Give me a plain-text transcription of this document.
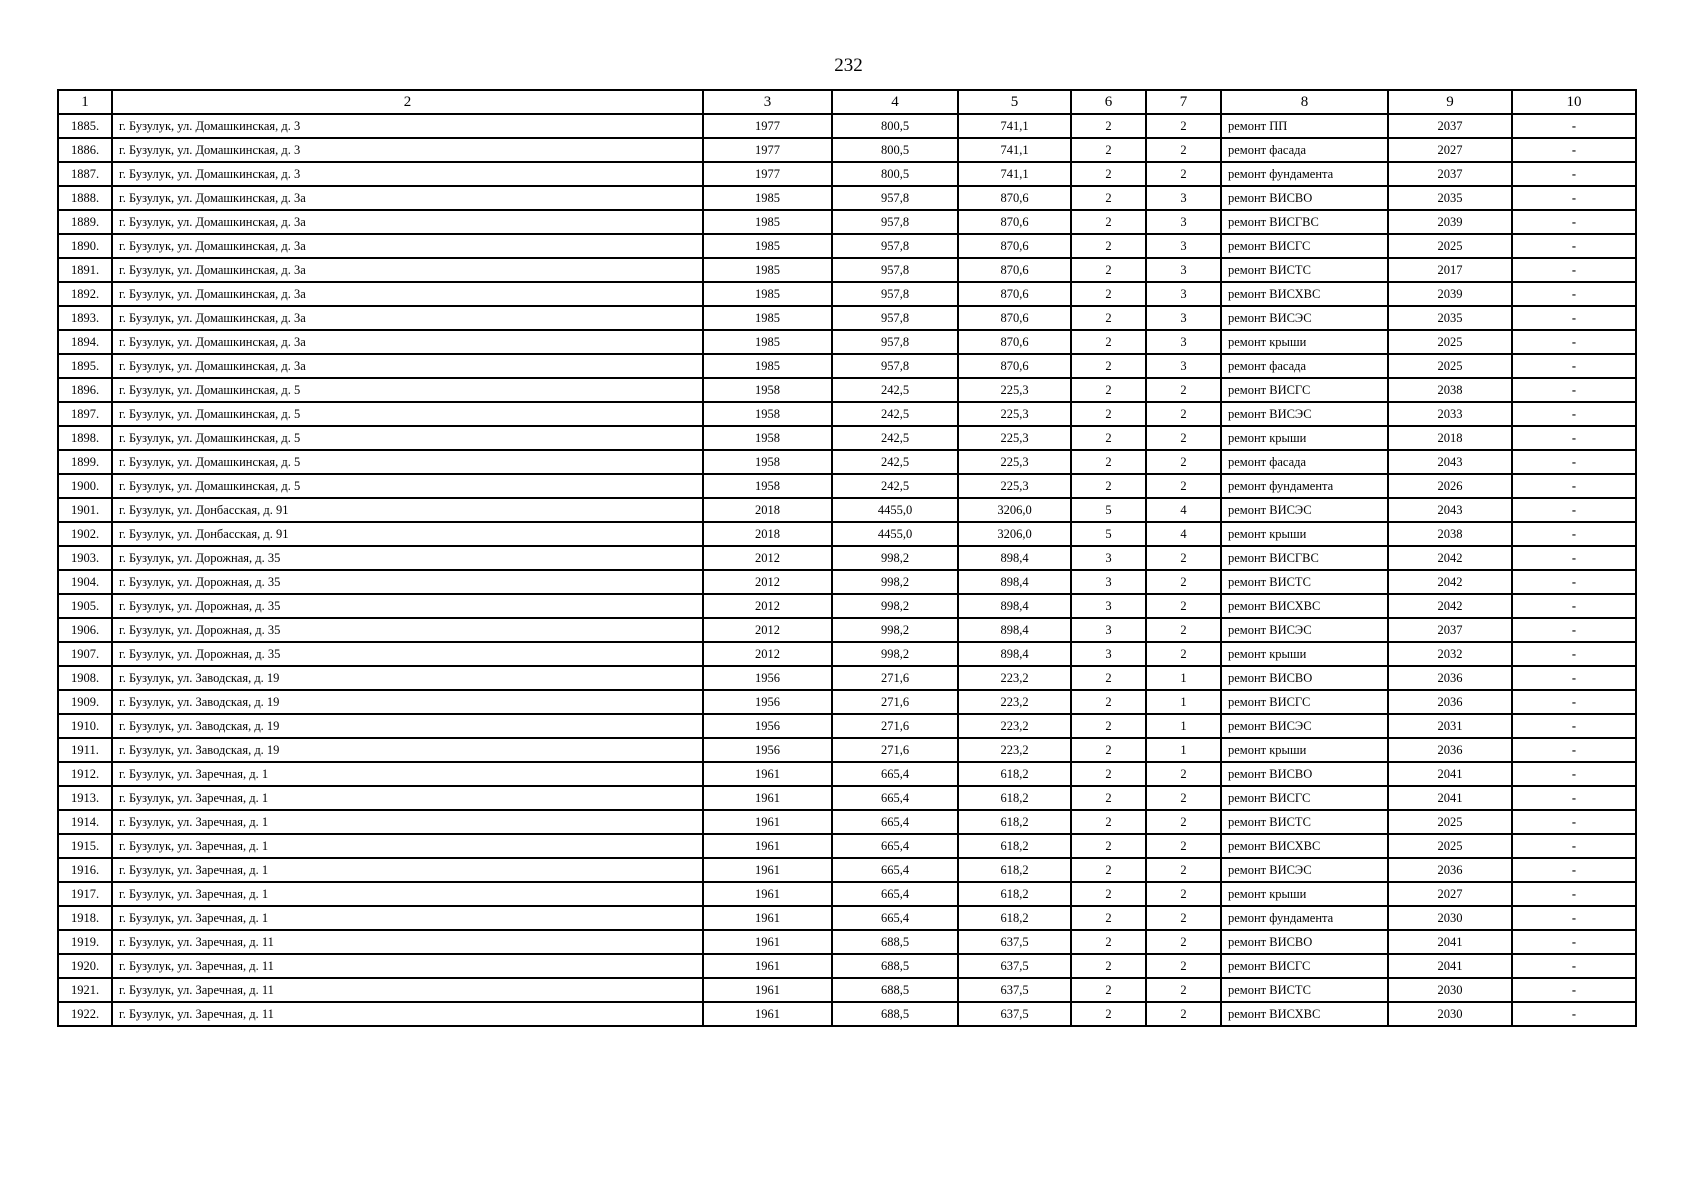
232
1	2	3	4	5	6	7	8	9	10
1885.	г. Бузулук, ул. Домашкинская, д. 3	1977	800,5	741,1	2	2	ремонт ПП	2037	-
1886.	г. Бузулук, ул. Домашкинская, д. 3	1977	800,5	741,1	2	2	ремонт фасада	2027	-
1887.	г. Бузулук, ул. Домашкинская, д. 3	1977	800,5	741,1	2	2	ремонт фундамента	2037	-
1888.	г. Бузулук, ул. Домашкинская, д. 3а	1985	957,8	870,6	2	3	ремонт ВИСВО	2035	-
1889.	г. Бузулук, ул. Домашкинская, д. 3а	1985	957,8	870,6	2	3	ремонт ВИСГВС	2039	-
1890.	г. Бузулук, ул. Домашкинская, д. 3а	1985	957,8	870,6	2	3	ремонт ВИСГС	2025	-
1891.	г. Бузулук, ул. Домашкинская, д. 3а	1985	957,8	870,6	2	3	ремонт ВИСТС	2017	-
1892.	г. Бузулук, ул. Домашкинская, д. 3а	1985	957,8	870,6	2	3	ремонт ВИСХВС	2039	-
1893.	г. Бузулук, ул. Домашкинская, д. 3а	1985	957,8	870,6	2	3	ремонт ВИСЭС	2035	-
1894.	г. Бузулук, ул. Домашкинская, д. 3а	1985	957,8	870,6	2	3	ремонт крыши	2025	-
1895.	г. Бузулук, ул. Домашкинская, д. 3а	1985	957,8	870,6	2	3	ремонт фасада	2025	-
1896.	г. Бузулук, ул. Домашкинская, д. 5	1958	242,5	225,3	2	2	ремонт ВИСГС	2038	-
1897.	г. Бузулук, ул. Домашкинская, д. 5	1958	242,5	225,3	2	2	ремонт ВИСЭС	2033	-
1898.	г. Бузулук, ул. Домашкинская, д. 5	1958	242,5	225,3	2	2	ремонт крыши	2018	-
1899.	г. Бузулук, ул. Домашкинская, д. 5	1958	242,5	225,3	2	2	ремонт фасада	2043	-
1900.	г. Бузулук, ул. Домашкинская, д. 5	1958	242,5	225,3	2	2	ремонт фундамента	2026	-
1901.	г. Бузулук, ул. Донбасская, д. 91	2018	4455,0	3206,0	5	4	ремонт ВИСЭС	2043	-
1902.	г. Бузулук, ул. Донбасская, д. 91	2018	4455,0	3206,0	5	4	ремонт крыши	2038	-
1903.	г. Бузулук, ул. Дорожная, д. 35	2012	998,2	898,4	3	2	ремонт ВИСГВС	2042	-
1904.	г. Бузулук, ул. Дорожная, д. 35	2012	998,2	898,4	3	2	ремонт ВИСТС	2042	-
1905.	г. Бузулук, ул. Дорожная, д. 35	2012	998,2	898,4	3	2	ремонт ВИСХВС	2042	-
1906.	г. Бузулук, ул. Дорожная, д. 35	2012	998,2	898,4	3	2	ремонт ВИСЭС	2037	-
1907.	г. Бузулук, ул. Дорожная, д. 35	2012	998,2	898,4	3	2	ремонт крыши	2032	-
1908.	г. Бузулук, ул. Заводская, д. 19	1956	271,6	223,2	2	1	ремонт ВИСВО	2036	-
1909.	г. Бузулук, ул. Заводская, д. 19	1956	271,6	223,2	2	1	ремонт ВИСГС	2036	-
1910.	г. Бузулук, ул. Заводская, д. 19	1956	271,6	223,2	2	1	ремонт ВИСЭС	2031	-
1911.	г. Бузулук, ул. Заводская, д. 19	1956	271,6	223,2	2	1	ремонт крыши	2036	-
1912.	г. Бузулук, ул. Заречная, д. 1	1961	665,4	618,2	2	2	ремонт ВИСВО	2041	-
1913.	г. Бузулук, ул. Заречная, д. 1	1961	665,4	618,2	2	2	ремонт ВИСГС	2041	-
1914.	г. Бузулук, ул. Заречная, д. 1	1961	665,4	618,2	2	2	ремонт ВИСТС	2025	-
1915.	г. Бузулук, ул. Заречная, д. 1	1961	665,4	618,2	2	2	ремонт ВИСХВС	2025	-
1916.	г. Бузулук, ул. Заречная, д. 1	1961	665,4	618,2	2	2	ремонт ВИСЭС	2036	-
1917.	г. Бузулук, ул. Заречная, д. 1	1961	665,4	618,2	2	2	ремонт крыши	2027	-
1918.	г. Бузулук, ул. Заречная, д. 1	1961	665,4	618,2	2	2	ремонт фундамента	2030	-
1919.	г. Бузулук, ул. Заречная, д. 11	1961	688,5	637,5	2	2	ремонт ВИСВО	2041	-
1920.	г. Бузулук, ул. Заречная, д. 11	1961	688,5	637,5	2	2	ремонт ВИСГС	2041	-
1921.	г. Бузулук, ул. Заречная, д. 11	1961	688,5	637,5	2	2	ремонт ВИСТС	2030	-
1922.	г. Бузулук, ул. Заречная, д. 11	1961	688,5	637,5	2	2	ремонт ВИСХВС	2030	-
